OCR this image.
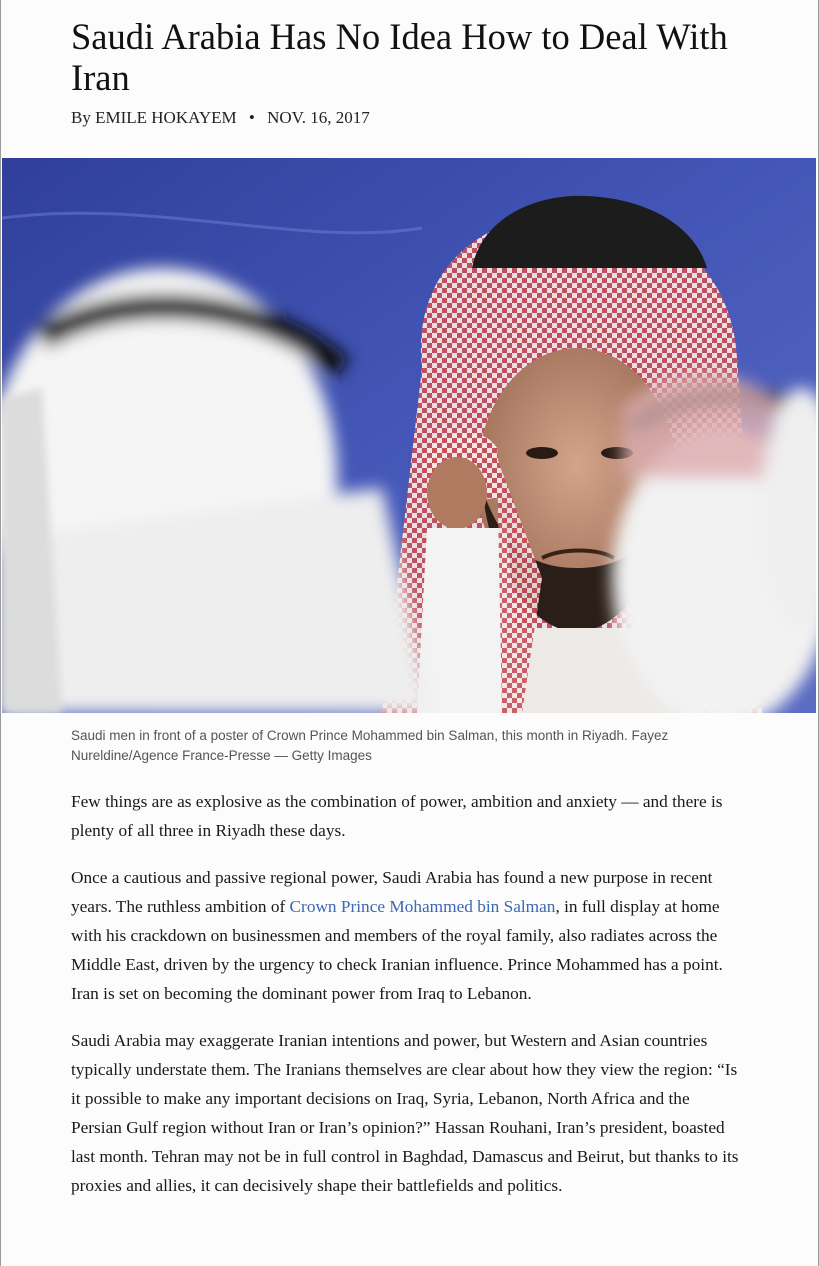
Saudi Arabia Has No Idea How to Deal With Iran
By EMILE HOKAYEM • NOV. 16, 2017

Saudi men in front of a poster of Crown Prince Mohammed bin Salman, this month in Riyadh. Fayez Nureldine/Agence France-Presse — Getty Images

Few things are as explosive as the combination of power, ambition and anxiety — and there is plenty of all three in Riyadh these days.

Once a cautious and passive regional power, Saudi Arabia has found a new purpose in recent years. The ruthless ambition of Crown Prince Mohammed bin Salman, in full display at home with his crackdown on businessmen and members of the royal family, also radiates across the Middle East, driven by the urgency to check Iranian influence. Prince Mohammed has a point. Iran is set on becoming the dominant power from Iraq to Lebanon.

Saudi Arabia may exaggerate Iranian intentions and power, but Western and Asian countries typically understate them. The Iranians themselves are clear about how they view the region: “Is it possible to make any important decisions on Iraq, Syria, Lebanon, North Africa and the Persian Gulf region without Iran or Iran’s opinion?” Hassan Rouhani, Iran’s president, boasted last month. Tehran may not be in full control in Baghdad, Damascus and Beirut, but thanks to its proxies and allies, it can decisively shape their battlefields and politics.
